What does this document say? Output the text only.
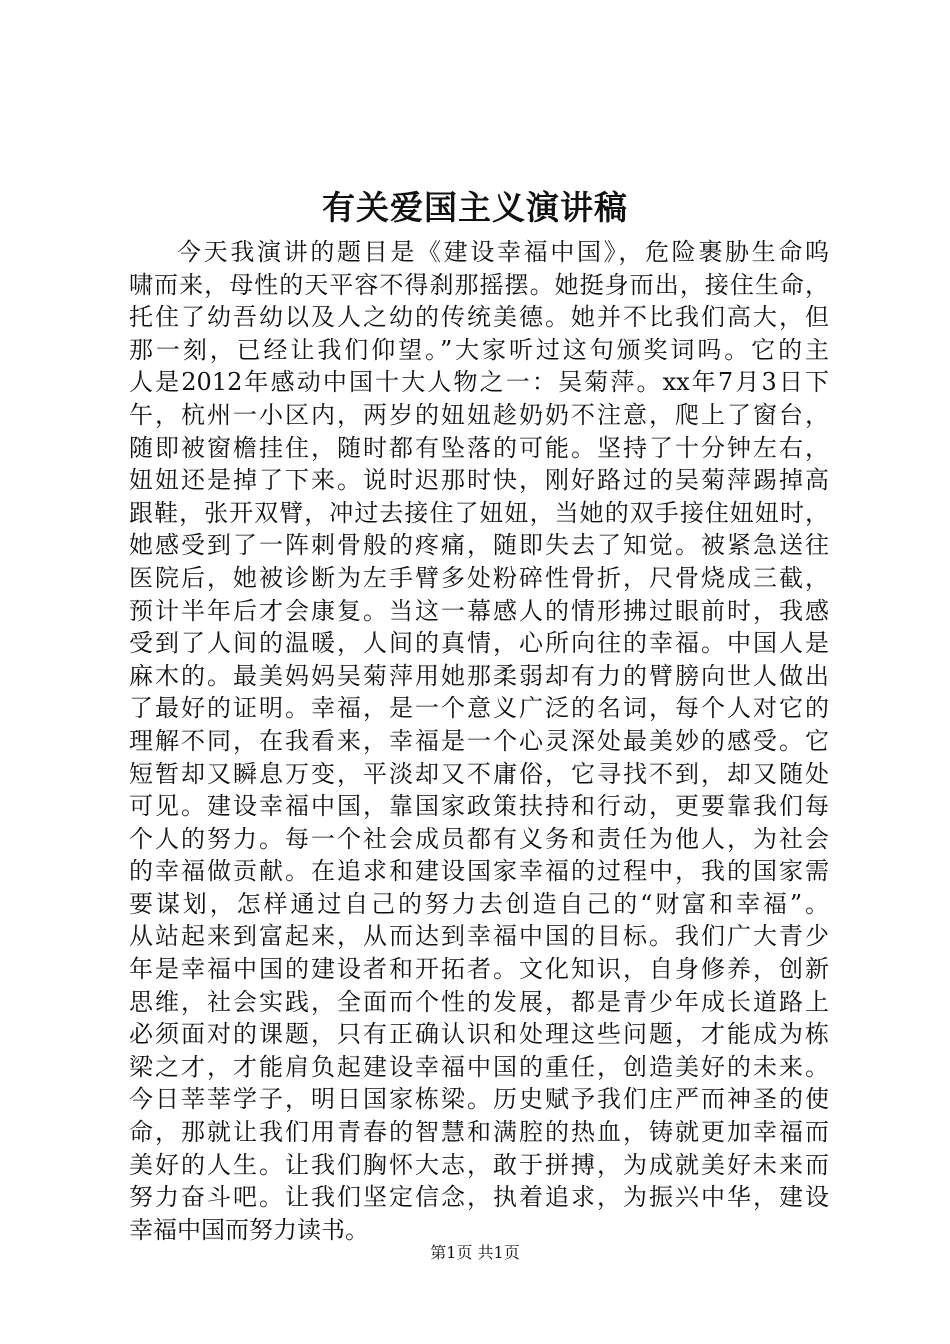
有关爱国主义演讲稿
今天我演讲的题目是《建设幸福中国》，危险裹胁生命呜
啸而来，母性的天平容不得刹那摇摆。她挺身而出，接住生命，
托住了幼吾幼以及人之幼的传统美德。她并不比我们高大，但
那一刻，已经让我们仰望。”大家听过这句颁奖词吗。它的主
人是2012年感动中国十大人物之一：吴菊萍。xx年7月3日下
午，杭州一小区内，两岁的妞妞趁奶奶不注意，爬上了窗台，
随即被窗檐挂住，随时都有坠落的可能。坚持了十分钟左右，
妞妞还是掉了下来。说时迟那时快，刚好路过的吴菊萍踢掉高
跟鞋，张开双臂，冲过去接住了妞妞，当她的双手接住妞妞时，
她感受到了一阵刺骨般的疼痛，随即失去了知觉。被紧急送往
医院后，她被诊断为左手臂多处粉碎性骨折，尺骨烧成三截，
预计半年后才会康复。当这一幕感人的情形拂过眼前时，我感
受到了人间的温暖，人间的真情，心所向往的幸福。中国人是
麻木的。最美妈妈吴菊萍用她那柔弱却有力的臂膀向世人做出
了最好的证明。幸福，是一个意义广泛的名词，每个人对它的
理解不同，在我看来，幸福是一个心灵深处最美妙的感受。它
短暂却又瞬息万变，平淡却又不庸俗，它寻找不到，却又随处
可见。建设幸福中国，靠国家政策扶持和行动，更要靠我们每
个人的努力。每一个社会成员都有义务和责任为他人，为社会
的幸福做贡献。在追求和建设国家幸福的过程中，我的国家需
要谋划，怎样通过自己的努力去创造自己的“财富和幸福”。
从站起来到富起来，从而达到幸福中国的目标。我们广大青少
年是幸福中国的建设者和开拓者。文化知识，自身修养，创新
思维，社会实践，全面而个性的发展，都是青少年成长道路上
必须面对的课题，只有正确认识和处理这些问题，才能成为栋
梁之才，才能肩负起建设幸福中国的重任，创造美好的未来。
今日莘莘学子，明日国家栋梁。历史赋予我们庄严而神圣的使
命，那就让我们用青春的智慧和满腔的热血，铸就更加幸福而
美好的人生。让我们胸怀大志，敢于拼搏，为成就美好未来而
努力奋斗吧。让我们坚定信念，执着追求，为振兴中华，建设
幸福中国而努力读书。
第1页 共1页
